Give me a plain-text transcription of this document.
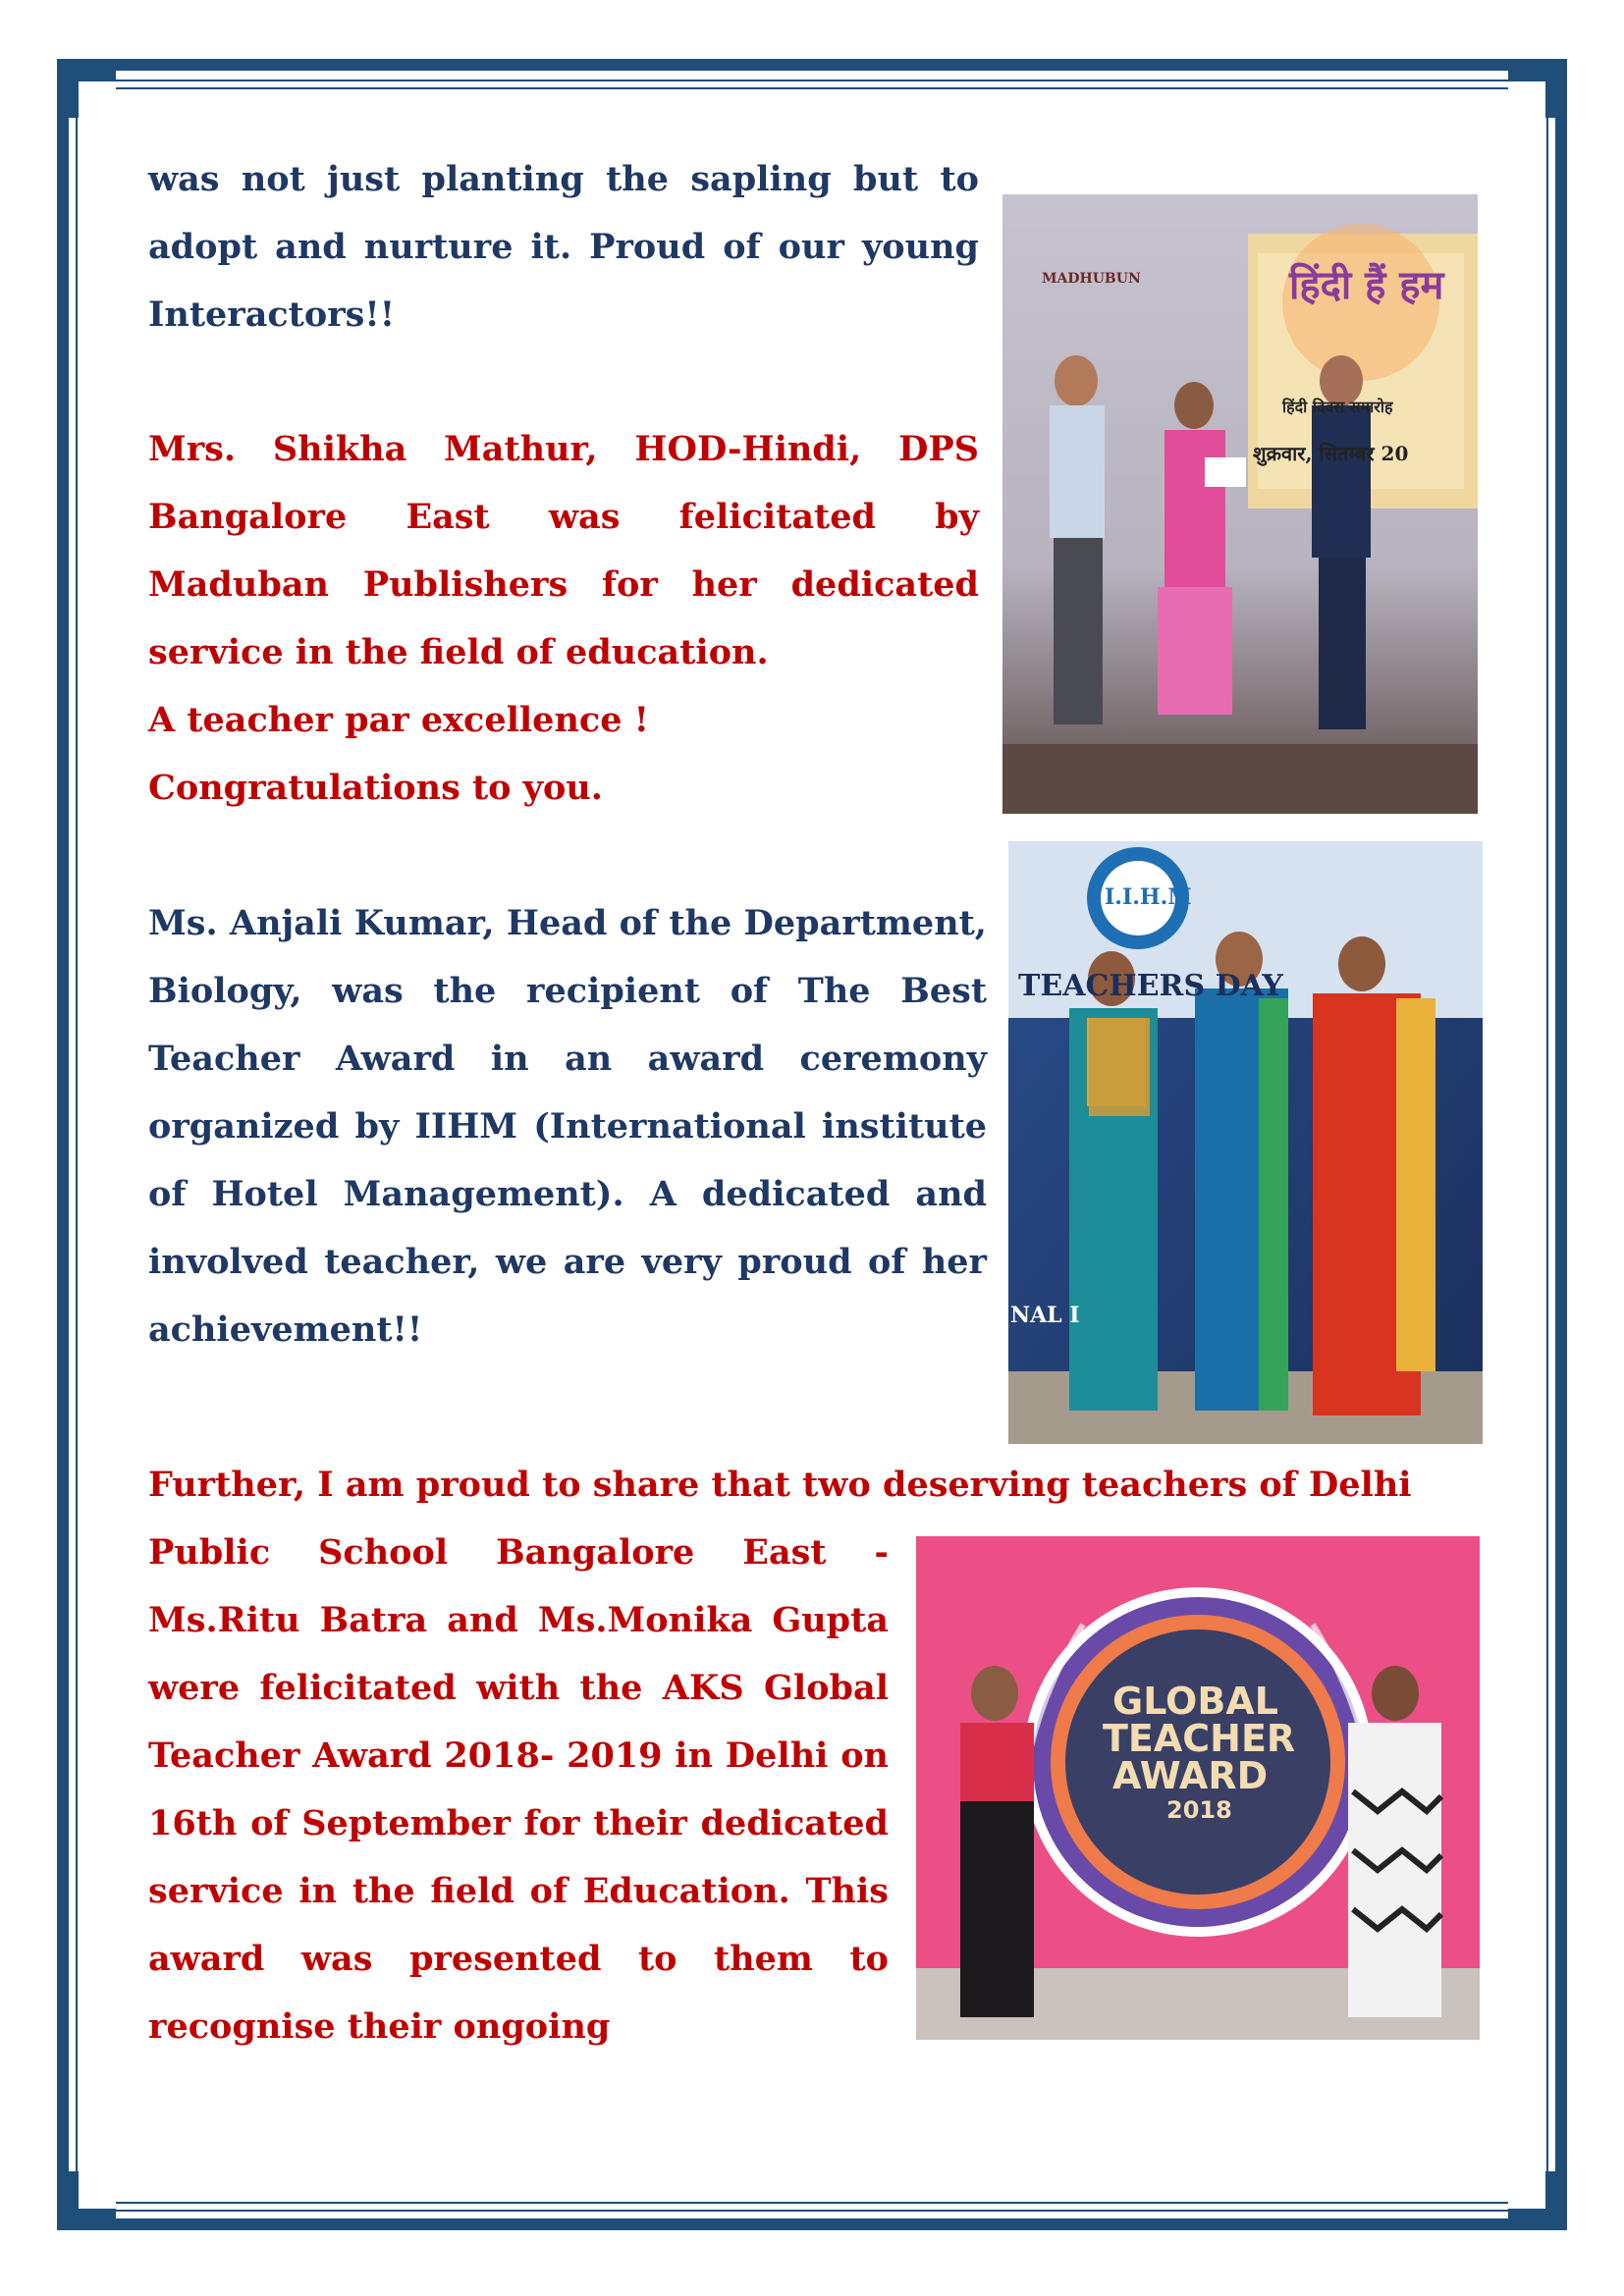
was not just planting the sapling but to adopt and nurture it. Proud of our young Interactors!!

Mrs. Shikha Mathur, HOD-Hindi, DPS Bangalore East was felicitated by Maduban Publishers for her dedicated service in the field of education.

A teacher par excellence !

Congratulations to you.

Ms. Anjali Kumar, Head of the Department, Biology, was the recipient of The Best Teacher Award in an award ceremony organized by IIHM (International institute of Hotel Management). A dedicated and involved teacher, we are very proud of her achievement!!

Further, I am proud to share that two deserving teachers of Delhi

Public School Bangalore East - Ms.Ritu Batra and Ms.Monika Gupta were felicitated with the AKS Global Teacher Award 2018- 2019 in Delhi on 16th of September for their dedicated service in the field of Education. This award was presented to them to recognise their ongoing

MADHUBUN	हिंदी हैं हम
हिंदी दिवस समारोह
शुक्रवार, सितम्बर 20
I.I.H.M
TEACHERS DAY
NAL I
GLOBAL
TEACHER
AWARD
2018
